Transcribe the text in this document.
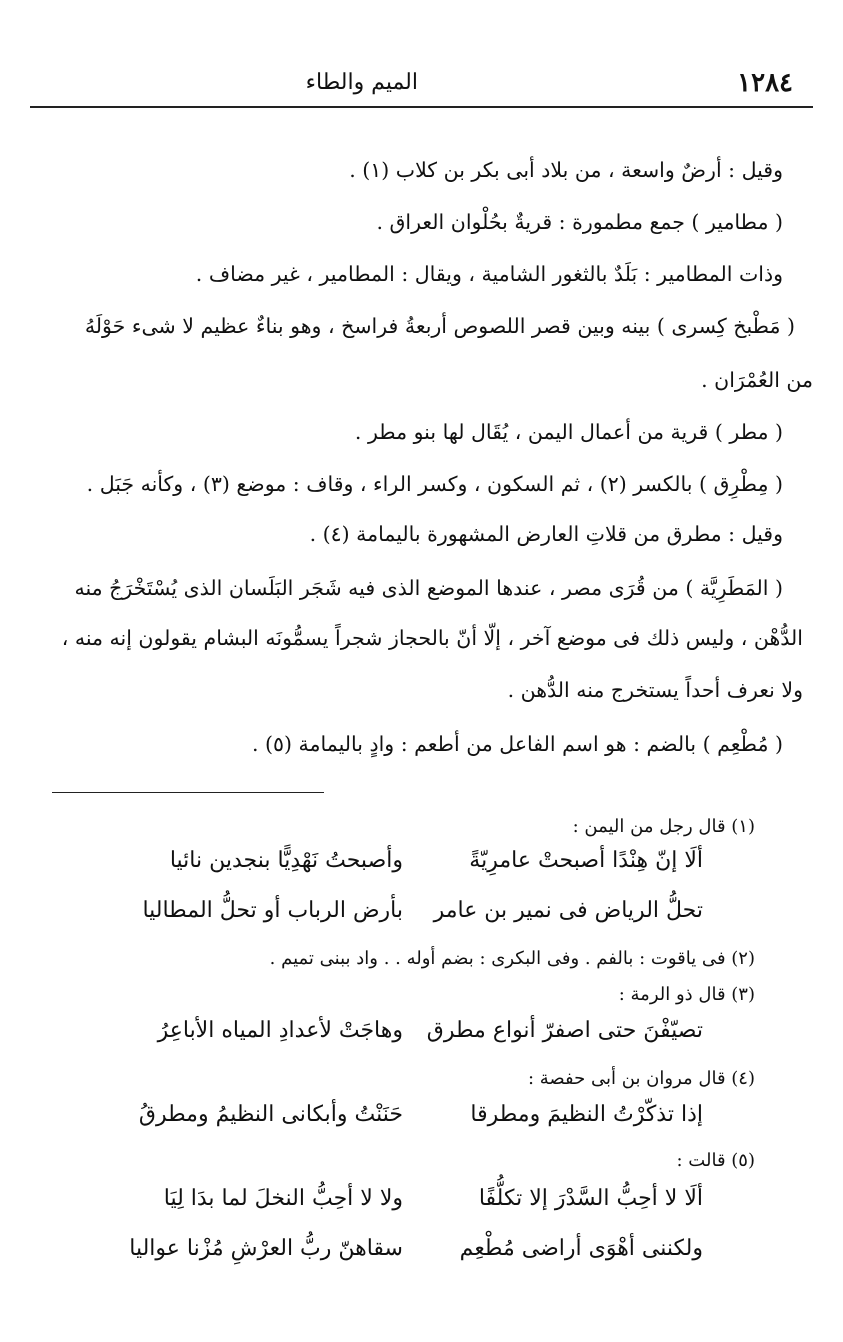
١٢٨٤
الميم والطاء
وقيل : أرضٌ واسعة ، من بلاد أبى بكر بن كلاب (١) .
( مطامير ) جمع مطمورة : قريةٌ بحُلْوان العراق .
وذات المطامير : بَلَدٌ بالثغور الشامية ، ويقال : المطامير ، غير مضاف .
( مَطْبخ كِسرى ) بينه وبين قصر اللصوص أربعةُ فراسخ ، وهو بناءٌ عظيم لا شىء حَوْلَهُ
من العُمْرَان .
( مطر ) قرية من أعمال اليمن ، يُقَال لها بنو مطر .
( مِطْرِق ) بالكسر (٢) ، ثم السكون ، وكسر الراء ، وقاف : موضع (٣) ، وكأنه جَبَل .
وقيل : مطرق من قلاتِ العارض المشهورة باليمامة (٤) .
( المَطَرِيَّة ) من قُرَى مصر ، عندها الموضع الذى فيه شَجَر البَلَسان الذى يُسْتَخْرَجُ منه
الدُّهْن ، وليس ذلك فى موضع آخر ، إلّا أنّ بالحجاز شجراً يسمُّونَه البشام يقولون إنه منه ،
ولا نعرف أحداً يستخرج منه الدُّهن .
( مُطْعِم ) بالضم : هو اسم الفاعل من أطعم : وادٍ باليمامة (٥) .
(١) قال رجل من اليمن :
ألَا إنّ هِنْدًا أصبحتْ عامرِيّةً
وأصبحتُ نَهْدِيًّا بنجدين نائيا
تحلُّ الرياض فى نمير بن عامر
بأرض الرباب أو تحلُّ المطاليا
(٢) فى ياقوت : بالفم . وفى البكرى : بضم أوله . . واد ببنى تميم .
(٣) قال ذو الرمة :
تصيّفْنَ حتى اصفرّ أنواع مطرق
وهاجَتْ لأعدادِ المياه الأباعِرُ
(٤) قال مروان بن أبى حفصة :
إذا تذكّرْتُ النظيمَ ومطرقا
حَنَنْتُ وأبكانى النظيمُ ومطرقُ
(٥) قالت :
ألَا لا أحِبُّ السَّدْرَ إلا تكلُّفًا
ولا لا أحِبُّ النخلَ لما بدَا لِيَا
ولكننى أهْوَى أراضى مُطْعِم
سقاهنّ ربُّ العرْشِ مُزْنا عواليا
